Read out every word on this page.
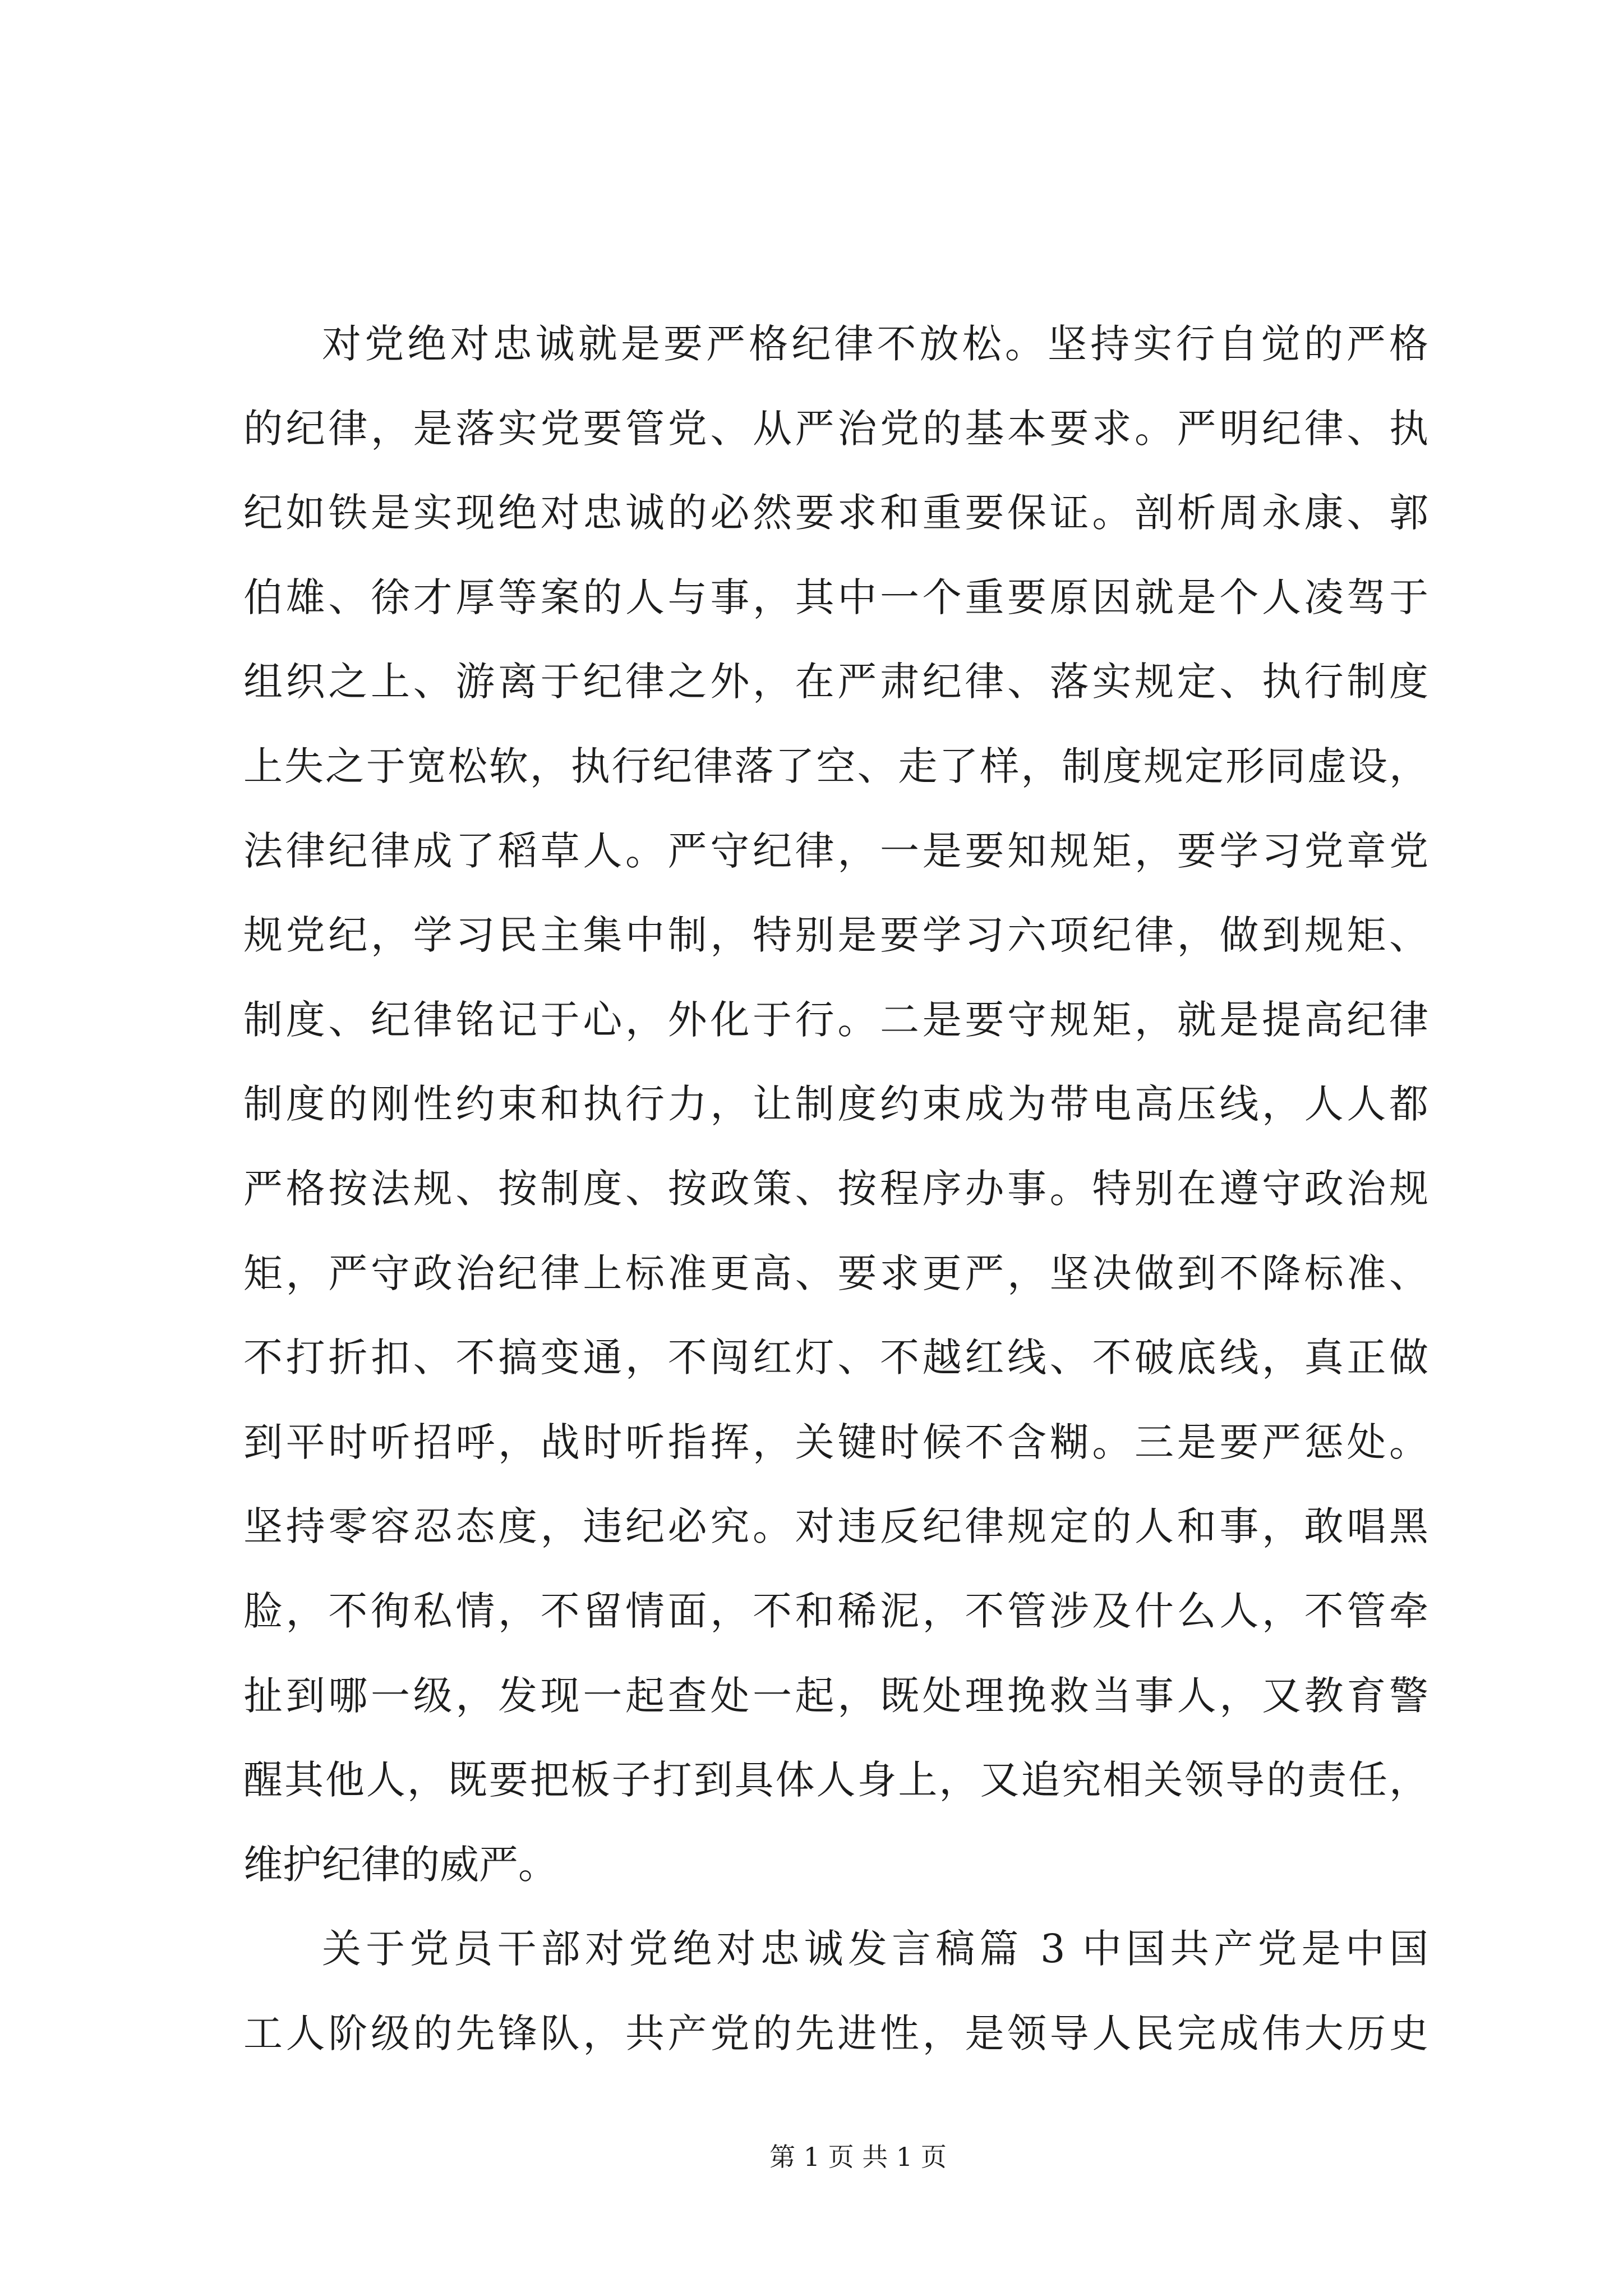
对党绝对忠诚就是要严格纪律不放松。坚持实行自觉的严格
的纪律，是落实党要管党、从严治党的基本要求。严明纪律、执
纪如铁是实现绝对忠诚的必然要求和重要保证。剖析周永康、郭
伯雄、徐才厚等案的人与事，其中一个重要原因就是个人凌驾于
组织之上、游离于纪律之外，在严肃纪律、落实规定、执行制度
上失之于宽松软，执行纪律落了空、走了样，制度规定形同虚设，
法律纪律成了稻草人。严守纪律，一是要知规矩，要学习党章党
规党纪，学习民主集中制，特别是要学习六项纪律，做到规矩、
制度、纪律铭记于心，外化于行。二是要守规矩，就是提高纪律
制度的刚性约束和执行力，让制度约束成为带电高压线，人人都
严格按法规、按制度、按政策、按程序办事。特别在遵守政治规
矩，严守政治纪律上标准更高、要求更严，坚决做到不降标准、
不打折扣、不搞变通，不闯红灯、不越红线、不破底线，真正做
到平时听招呼，战时听指挥，关键时候不含糊。三是要严惩处。
坚持零容忍态度，违纪必究。对违反纪律规定的人和事，敢唱黑
脸，不徇私情，不留情面，不和稀泥，不管涉及什么人，不管牵
扯到哪一级，发现一起查处一起，既处理挽救当事人，又教育警
醒其他人，既要把板子打到具体人身上，又追究相关领导的责任，
维护纪律的威严。
关于党员干部对党绝对忠诚发言稿篇 3 中国共产党是中国
工人阶级的先锋队，共产党的先进性，是领导人民完成伟大历史
第 1 页 共 1 页
